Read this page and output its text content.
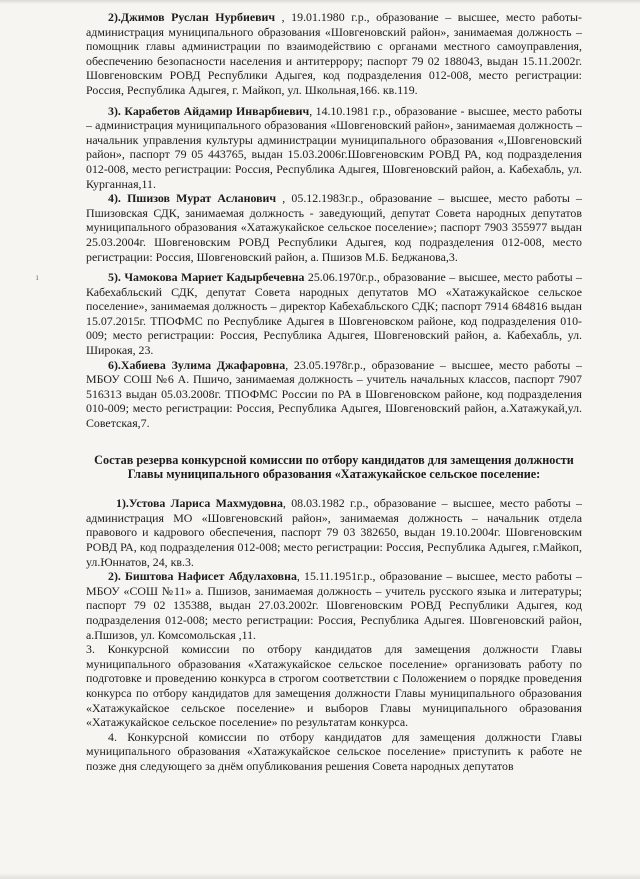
2).Джимов Руслан Нурбиевич , 19.01.1980 г.р., образование – высшее, место работы- администрация муниципального образования «Шовгеновский район», занимаемая должность – помощник главы администрации по взаимодействию с органами местного самоуправления, обеспечению безопасности населения и антитеррору; паспорт 79 02 188043, выдан 15.11.2002г. Шовгеновским РОВД Республики Адыгея, код подразделения 012-008, место регистрации: Россия, Республика Адыгея, г. Майкоп, ул. Школьная,166. кв.119.

3). Карабетов Айдамир Инварбиевич, 14.10.1981 г.р., образование - высшее, место работы – администрация муниципального образования «Шовгеновский район», занимаемая должность – начальник управления культуры администрации муниципального образования «,Шовгеновский район», паспорт 79 05 443765, выдан 15.03.2006г.Шовгеновским РОВД РА, код подразделения 012-008, место регистрации: Россия, Республика Адыгея, Шовгеновский район, а. Кабехабль, ул. Курганная,11.

4). Пшизов Мурат Асланович , 05.12.1983г.р., образование – высшее, место работы – Пшизовская СДК, занимаемая должность - заведующий, депутат Совета народных депутатов муниципального образования «Хатажукайское сельское поселение»; паспорт 7903 355977 выдан 25.03.2004г. Шовгеновским РОВД Республики Адыгея, код подразделения 012-008, место регистрации: Россия, Шовгеновский район, а. Пшизов М.Б. Беджанова,3.

5). Чамокова Мариет Кадырбечевна 25.06.1970г.р., образование – высшее, место работы – Кабехабльский СДК, депутат Совета народных депутатов МО «Хатажукайское сельское поселение», занимаемая должность – директор Кабехабльского СДК; паспорт 7914 684816 выдан 15.07.2015г. ТПОФМС по Республике Адыгея в Шовгеновском районе, код подразделения 010-009; место регистрации: Россия, Республика Адыгея, Шовгеновский район, а. Кабехабль, ул. Широкая, 23.

6).Хабиева Зулима Джафаровна, 23.05.1978г.р., образование – высшее, место работы – МБОУ СОШ №6 А. Пшичо, занимаемая должность – учитель начальных классов, паспорт 7907 516313 выдан 05.03.2008г. ТПОФМС России по РА в Шовгеновском районе, код подразделения 010-009; место регистрации: Россия, Республика Адыгея, Шовгеновский район, а.Хатажукай,ул. Советская,7.

Состав резерва конкурсной комиссии по отбору кандидатов для замещения должности Главы муниципального образования «Хатажукайское сельское поселение:

1).Устова Лариса Махмудовна, 08.03.1982 г.р., образование – высшее, место работы – администрация МО «Шовгеновский район», занимаемая должность – начальник отдела правового и кадрового обеспечения, паспорт 79 03 382650, выдан 19.10.2004г. Шовгеновским РОВД РА, код подразделения 012-008; место регистрации: Россия, Республика Адыгея, г.Майкоп, ул.Юннатов, 24, кв.3.

2). Биштова Нафисет Абдулаховна, 15.11.1951г.р., образование – высшее, место работы – МБОУ «СОШ №11» а. Пшизов, занимаемая должность – учитель русского языка и литературы; паспорт 79 02 135388, выдан 27.03.2002г. Шовгеновским РОВД Республики Адыгея, код подразделения 012-008; место регистрации: Россия, Республика Адыгея. Шовгеновский район, а.Пшизов, ул. Комсомольская ,11.

3. Конкурсной комиссии по отбору кандидатов для замещения должности Главы муниципального образования «Хатажукайское сельское поселение» организовать работу по подготовке и проведению конкурса в строгом соответствии с Положением о порядке проведения конкурса по отбору кандидатов для замещения должности Главы муниципального образования «Хатажукайское сельское поселение» и выборов Главы муниципального образования «Хатажукайское сельское поселение» по результатам конкурса.

4. Конкурсной комиссии по отбору кандидатов для замещения должности Главы муниципального образования «Хатажукайское сельское поселение» приступить к работе не позже дня следующего за днём опубликования решения Совета народных депутатов

ı
